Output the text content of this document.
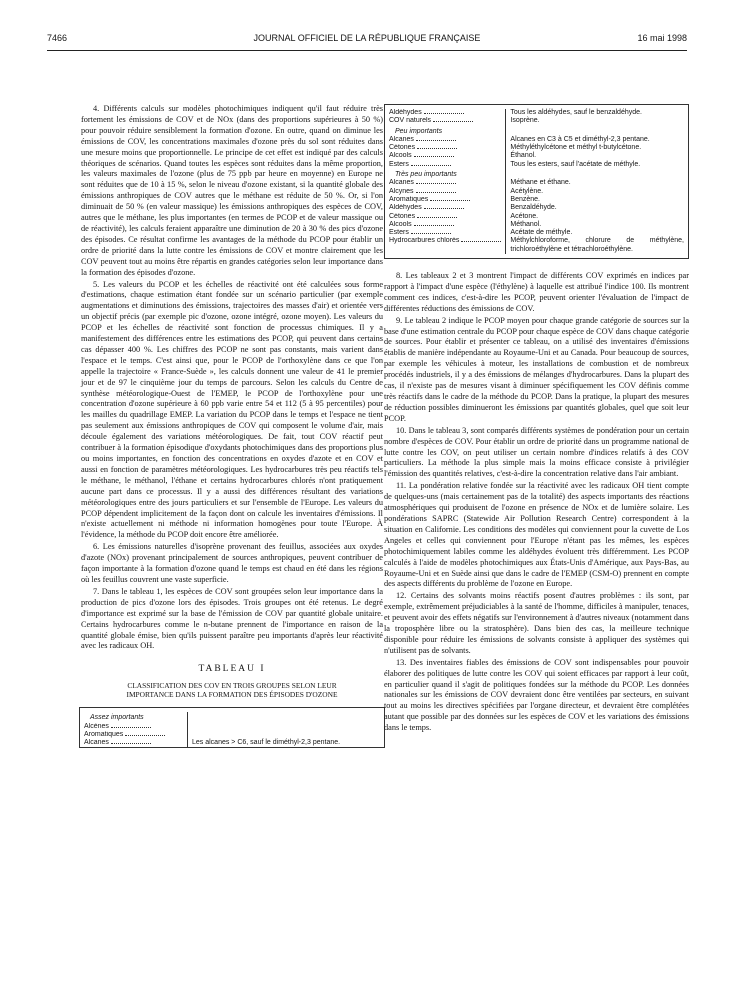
7466	JOURNAL OFFICIEL DE LA RÉPUBLIQUE FRANÇAISE	16 mai 1998

4. Différents calculs sur modèles photochimiques indiquent qu'il faut réduire très fortement les émissions de COV et de NOx (dans des proportions supérieures à 50 %) pour pouvoir réduire sensiblement la formation d'ozone. En outre, quand on diminue les émissions de COV, les concentrations maximales d'ozone près du sol sont réduites dans une mesure moins que proportionnelle. Le principe de cet effet est indiqué par des calculs théoriques de scénarios. Quand toutes les espèces sont réduites dans la même proportion, les valeurs maximales de l'ozone (plus de 75 ppb par heure en moyenne) en Europe ne sont réduites que de 10 à 15 %, selon le niveau d'ozone existant, si la quantité globale des émissions anthropiques de COV autres que le méthane est réduite de 50 %. Or, si l'on diminuait de 50 % (en valeur massique) les émissions anthropiques des espèces de COV, autres que le méthane, les plus importantes (en termes de PCOP et de valeur massique ou de réactivité), les calculs feraient apparaître une diminution de 20 à 30 % des pics d'ozone des épisodes. Ce résultat confirme les avantages de la méthode du PCOP pour établir un ordre de priorité dans la lutte contre les émissions de COV et montre clairement que les COV peuvent tout au moins être répartis en grandes catégories selon leur importance dans la formation des épisodes d'ozone.

5. Les valeurs du PCOP et les échelles de réactivité ont été calculées sous forme d'estimations, chaque estimation étant fondée sur un scénario particulier (par exemple augmentations et diminutions des émissions, trajectoires des masses d'air) et orientée vers un objectif précis (par exemple pic d'ozone, ozone intégré, ozone moyen). Les valeurs du PCOP et les échelles de réactivité sont fonction de processus chimiques. Il y a manifestement des différences entre les estimations des PCOP, qui peuvent dans certains cas dépasser 400 %. Les chiffres des PCOP ne sont pas constants, mais varient dans l'espace et le temps. C'est ainsi que, pour le PCOP de l'orthoxylène dans ce que l'on appelle la trajectoire « France-Suède », les calculs donnent une valeur de 41 le premier jour et de 97 le cinquième jour du temps de parcours. Selon les calculs du Centre de synthèse météorologique-Ouest de l'EMEP, le PCOP de l'orthoxylène pour une concentration d'ozone supérieure à 60 ppb varie entre 54 et 112 (5 à 95 percentiles) pour les mailles du quadrillage EMEP. La variation du PCOP dans le temps et l'espace ne tient pas seulement aux émissions anthropiques de COV qui composent le volume d'air, mais découle également des variations météorologiques. De fait, tout COV réactif peut contribuer à la formation épisodique d'oxydants photochimiques dans des proportions plus ou moins importantes, en fonction des concentrations en oxydes d'azote et en COV et aussi en fonction de paramètres météorologiques. Les hydrocarbures très peu réactifs tels le méthane, le méthanol, l'éthane et certains hydrocarbures chlorés n'ont pratiquement aucune part dans ce processus. Il y a aussi des différences résultant des variations météorologiques entre des jours particuliers et sur l'ensemble de l'Europe. Les valeurs du PCOP dépendent implicitement de la façon dont on calcule les inventaires d'émissions. Il n'existe actuellement ni méthode ni information homogènes pour toute l'Europe. À l'évidence, la méthode du PCOP doit encore être améliorée.

6. Les émissions naturelles d'isoprène provenant des feuillus, associées aux oxydes d'azote (NOx) provenant principalement de sources anthropiques, peuvent contribuer de façon importante à la formation d'ozone quand le temps est chaud en été dans les régions où les feuillus couvrent une vaste superficie.

7. Dans le tableau 1, les espèces de COV sont groupées selon leur importance dans la production de pics d'ozone lors des épisodes. Trois groupes ont été retenus. Le degré d'importance est exprimé sur la base de l'émission de COV par quantité globale unitaire. Certains hydrocarbures comme le n-butane prennent de l'importance en raison de la quantité globale émise, bien qu'ils puissent paraître peu importants d'après leur réactivité avec les radicaux OH.

TABLEAU I
CLASSIFICATION DES COV EN TROIS GROUPES SELON LEUR IMPORTANCE DANS LA FORMATION DES ÉPISODES D'OZONE
Assez importants	
Alcènes	
Aromatiques	
Alcanes	Les alcanes > C6, sauf le diméthyl-2,3 pentane.
Aldéhydes	Tous les aldéhydes, sauf le benzaldéhyde.
COV naturels	Isoprène.
Peu importants	
Alcanes	Alcanes en C3 à C5 et diméthyl-2,3 pentane.
Cétones	Méthyléthylcétone et méthyl t-butylcétone.
Alcools	Éthanol.
Esters	Tous les esters, sauf l'acétate de méthyle.
Très peu importants	
Alcanes	Méthane et éthane.
Alcynes	Acétylène.
Aromatiques	Benzène.
Aldéhydes	Benzaldéhyde.
Cétones	Acétone.
Alcools	Méthanol.
Esters	Acétate de méthyle.
Hydrocarbures chlorés	Méthylchloroforme, chlorure de méthylène, trichloroéthylène et tétrachloroéthylène.

8. Les tableaux 2 et 3 montrent l'impact de différents COV exprimés en indices par rapport à l'impact d'une espèce (l'éthylène) à laquelle est attribué l'indice 100. Ils montrent comment ces indices, c'est-à-dire les PCOP, peuvent orienter l'évaluation de l'impact de différentes réductions des émissions de COV.

9. Le tableau 2 indique le PCOP moyen pour chaque grande catégorie de sources sur la base d'une estimation centrale du PCOP pour chaque espèce de COV dans chaque catégorie de sources. Pour établir et présenter ce tableau, on a utilisé des inventaires d'émissions établis de manière indépendante au Royaume-Uni et au Canada. Pour beaucoup de sources, par exemple les véhicules à moteur, les installations de combustion et de nombreux procédés industriels, il y a des émissions de mélanges d'hydrocarbures. Dans la plupart des cas, il n'existe pas de mesures visant à diminuer spécifiquement les COV définis comme très réactifs dans le cadre de la méthode du PCOP. Dans la pratique, la plupart des mesures de réduction possibles diminueront les émissions par quantités globales, quel que soit leur PCOP.

10. Dans le tableau 3, sont comparés différents systèmes de pondération pour un certain nombre d'espèces de COV. Pour établir un ordre de priorité dans un programme national de lutte contre les COV, on peut utiliser un certain nombre d'indices relatifs à des COV particuliers. La méthode la plus simple mais la moins efficace consiste à privilégier l'émission des quantités relatives, c'est-à-dire la concentration relative dans l'air ambiant.

11. La pondération relative fondée sur la réactivité avec les radicaux OH tient compte de quelques-uns (mais certainement pas de la totalité) des aspects importants des réactions atmosphériques qui produisent de l'ozone en présence de NOx et de lumière solaire. Les pondérations SAPRC (Statewide Air Pollution Research Centre) correspondent à la situation en Californie. Les conditions des modèles qui conviennent pour la cuvette de Los Angeles et celles qui conviennent pour l'Europe n'étant pas les mêmes, les espèces photochimiquement labiles comme les aldéhydes évoluent très différemment. Les PCOP calculés à l'aide de modèles photochimiques aux États-Unis d'Amérique, aux Pays-Bas, au Royaume-Uni et en Suède ainsi que dans le cadre de l'EMEP (CSM-O) prennent en compte des aspects différents du problème de l'ozone en Europe.

12. Certains des solvants moins réactifs posent d'autres problèmes : ils sont, par exemple, extrêmement préjudiciables à la santé de l'homme, difficiles à manipuler, tenaces, et peuvent avoir des effets négatifs sur l'environnement à d'autres niveaux (notamment dans la troposphère libre ou la stratosphère). Dans bien des cas, la meilleure technique disponible pour réduire les émissions de solvants consiste à appliquer des systèmes qui n'utilisent pas de solvants.

13. Des inventaires fiables des émissions de COV sont indispensables pour pouvoir élaborer des politiques de lutte contre les COV qui soient efficaces par rapport à leur coût, en particulier quand il s'agit de politiques fondées sur la méthode du PCOP. Les données nationales sur les émissions de COV devraient donc être ventilées par secteurs, en suivant tout au moins les directives spécifiées par l'organe directeur, et devraient être complétées autant que possible par des données sur les espèces de COV et les variations des émissions dans le temps.
